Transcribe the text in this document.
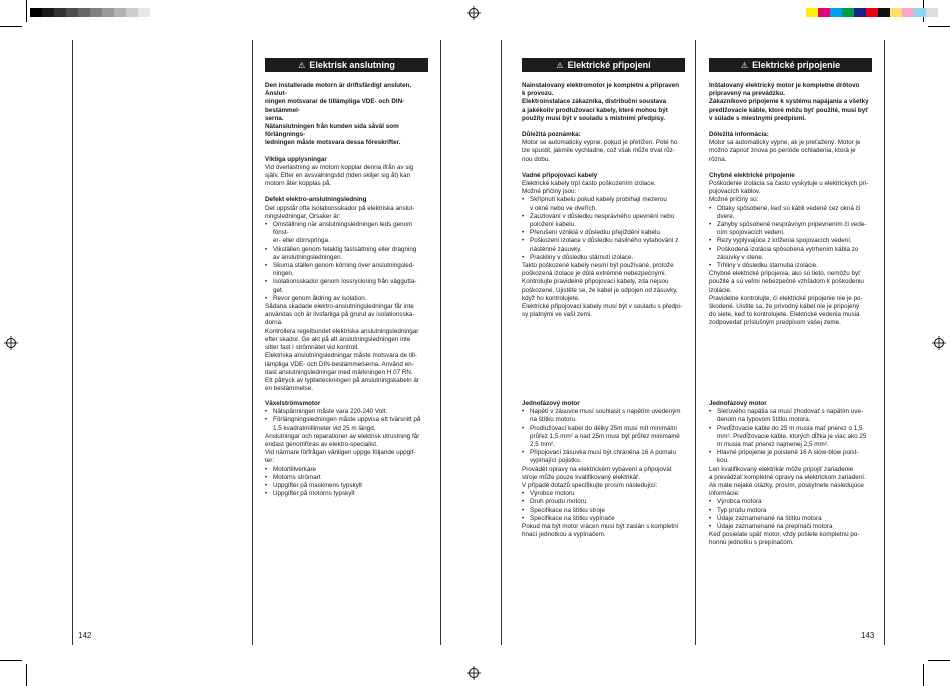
⚠ Elektrisk anslutning

Den installerade motorn är driftsfärdigt ansluten. Anslut-

ningen motsvarar de tillämpliga VDE- och DIN-bestämmel-

serna.

Nätanslutningen från kunden sida såväl som förlängnings-

ledningen måste motsvara dessa föreskrifter.

Viktiga upplysningar

Vid överlastning av motorn kopplar denna ifrån av sig

själv. Efter en avsvalningstid (tiden skiljer sig åt) kan

motorn åter kopplas på.

Defekt elektro-anslutningsledning

Det uppstår ofta isolationsskador på elektriska anslut-

ningsledningar, Orsaker är:

• Omställning när anslutningsledningen leds genom fönst-
er- eller dörrspringa.
• Vikställen genom felaktig fastsättning eller dragning
av anslutningsledningen.
• Skurna ställen genom körning över anslutningsled-
ningen.
• Isolationsskador genom lossryckning från väggutta-
get.
• Revor genom åldring av isolation.

Sådana skadade elektro-anslutningsledningar får inte

användas och är livsfarliga på grund av isolationsska-

dorna.

Kontrollera regelbundet elektriska anslutningsledningar

efter skador. Ge akt på att anslutningsledningen inte

sitter fast i strömnätet vid kontroll.

Elektriska anslutningsledningar måste motsvara de till-

lämpliga VDE- och DIN-bestämmelserna. Använd en-

dast anslutningsledningar med märkningen H 07 RN.

Ett påtryck av typbeteckningen på anslutningskabeln är

en bestämmelse.

Växelströmsmotor

• Nätspänningen måste vara 220-240 Volt.
• Förlängningsledningen måste uppvisa ett tvärsnitt på
1,5 kvadratmillimeter vid 25 m längd.

Anslutningar och reparationer av elektrisk utrustning får

endast genomföras av elektro-specialist.

Vid närmare förfrågan vänligen uppge följande uppgif-

ter:

• Motortillverkare
• Motorns strömart
• Uppgifter på maskinens typskylt
• Uppgifter på motorns typskylt
⚠ Elektrické připojení

Nainstalovaný elektromotor je kompletní a připraven

k provozu.

Elektroinstalace zákazníka, distribuční soustava

a jakékoliv prodlužovací kabely, které mohou být

použity musí být v souladu s místními předpisy.

Důležitá poznámka:

Motor se automaticky vypne, pokud je přetížen. Poté ho

lze spustit, jakmile vychladne, což však může trvat růz-

nou dobu.

Vadné připojovací kabely

Elektrické kabely trpí často poškozením izolace.

Možné příčiny jsou:

• Skřípnutí kabelu pokud kabely probíhají mezerou
v okně nebo ve dveřích.
• Zauzlování v důsledku nesprávného upevnění nebo
položení kabelu.
• Přerušení vzniklá v důsledku přejíždění kabelu.
• Poškození izolace v důsledku násilného vytahování z
nástěnné zásuvky.
• Praskliny v důsledku stárnutí izolace.

Takto poškozené kabely nesmí být používané, protože

poškozená izolace je důlá extrémně nebezpečnými.

Kontrolujte pravidelně připojovací kabely, zda nejsou

poškozené. Ujistěte se, že kabel je odpojen od zásuvky,

když ho kontrolujete.

Elektrické připojovací kabely musí být v souladu s předpi-

sy platnými ve vaší zemi.

Jednofázový motor

• Napětí v zásuvce musí souhlasit s napětím uvedeným
na štítku motoru.
• Prodlužovací kabel do délky 25m musí mít minimální
průřez 1,5 mm² a nad 25m musí být průřez minimálně
2,5 mm².
• Připojovací zásuvka musí být chráněna 16 A pomalu
vypínající pojistku.

Provádět opravy na elektrickém vybavení a připojovat

stroje může pouze kvalifikovaný elektrikář.

V případě dotazů specifikujte prosím následující:

• Výrobce motoru
• Druh proudu motoru
• Specifikace na štítku stroje
• Specifikace na štítku vypínače

Pokud má být motor vrácen musí být zaslán s kompletní

hnací jednotkou a vypínačem.

⚠ Elektrické pripojenie

Inštalovaný elektrický motor je kompletne drôtovo

pripravený na prevádzku.

Zákazníkovo pripojenie k systému napájania a všetky

predlžovacie káble, ktoré môžu byť použité, musí byť

v súlade s miestnymi predpismi.

Dôležitá informácia:

Motor sa automaticky vypne, ak je preťažený. Motor je

možno zapnúť znova po periódе ochladenia, ktorá je rôzna.

Chybné elektrické pripojenie

Poškodenie izolácia sa často vyskytuje u elektrických pri-

pojovacích káblov.

Možné príčiny sú:

• Otlaky spôsobené, keď sú káblі vedené cez okná či
dvere.
• Záhyby spôsobené nesprávnym pripevnením či vede-
ním spojovacích vedení.
• Rezy vyplývajúce z kríženia spojovacích vedení.
• Poškodená izolácia spôsobená vytrhením kábla zo
zásuvky v stene.
• Trhliny v dôsledku starnutia izolácie.

Chybné elektrické pripojenia, ako sú tieto, nemôžu byť

použité a sú veľmi nebezpečné vzhľadom k poškodeniu

izolácie.

Pravidelne kontrolujte, či elektrické pripojenie nie je po-

škodené. Uistite sa, že prívodný kábel nie je pripojený

do siete, keď to kontrolujete. Elektrické vedenia musia

zodpovedať príslušným predpisom vašej zeme.

Jednofázový motor

• Sieťového napätia sa musí zhodovať s napätím uve-
denom na typovom štítku motora.
• Predĺžovacie káble do 25 m musia mať prierez o 1,5
mm². Predĺžovacie káble, ktorých dĺžka je viac ako 25
m musia mať prierez najmenej 2,5 mm².
• Hlavné pripojenie je poistené 16 A slow-blow poist-
kou.

Len kvalifikovaný elektrikár môže pripojiť zariadenie

a prevádzať kompletné opravy na elektrickom zariadení.

Ak máte nejaké otázky, prosím, poskytnete nasledujúce

informácie:

• Výrobca motora
• Typ prúdu motora
• Údaje zaznamenané na štítku motora
• Údaje zaznamenané na prepínači motora

Keď posielate späť motor, vždy pošlete kompletnú po-

honnú jednotku s prepínačom.

142	143
